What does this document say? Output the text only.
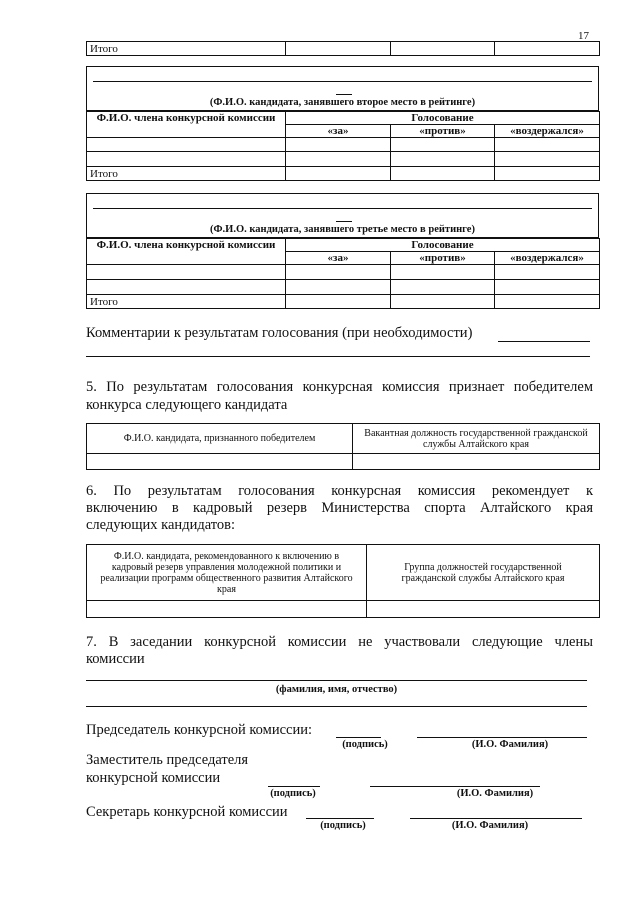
17
Итого			
(Ф.И.О. кандидата, занявшего второе место в рейтинге)
Ф.И.О. члена конкурсной комиссии	Голосование		
	«за»	«против»	«воздержался»

Итого			
(Ф.И.О. кандидата, занявшего третье место в рейтинге)
Ф.И.О. члена конкурсной комиссии	Голосование		
	«за»	«против»	«воздержался»

Итого			
Комментарии к результатам голосования (при необходимости)
5. По результатам голосования конкурсная комиссия признает победителем
конкурса следующего кандидата
Ф.И.О. кандидата, признанного победителем	Вакантная должность государственной гражданской службы Алтайского края

6. По результатам голосования конкурсная комиссия рекомендует к
включению в кадровый резерв Министерства спорта Алтайского края
следующих кандидатов:
Ф.И.О. кандидата, рекомендованного к включению в кадровый резерв управления молодежной политики и реализации программ общественного развития Алтайского края	Группа должностей государственной гражданской службы Алтайского края

7. В заседании конкурсной комиссии не участвовали следующие члены
комиссии
(фамилия, имя, отчество)
Председатель конкурсной комиссии:
(подпись)	(И.О. Фамилия)
Заместитель председателя
конкурсной комиссии
(подпись)	(И.О. Фамилия)
Секретарь конкурсной комиссии
(подпись)	(И.О. Фамилия)
